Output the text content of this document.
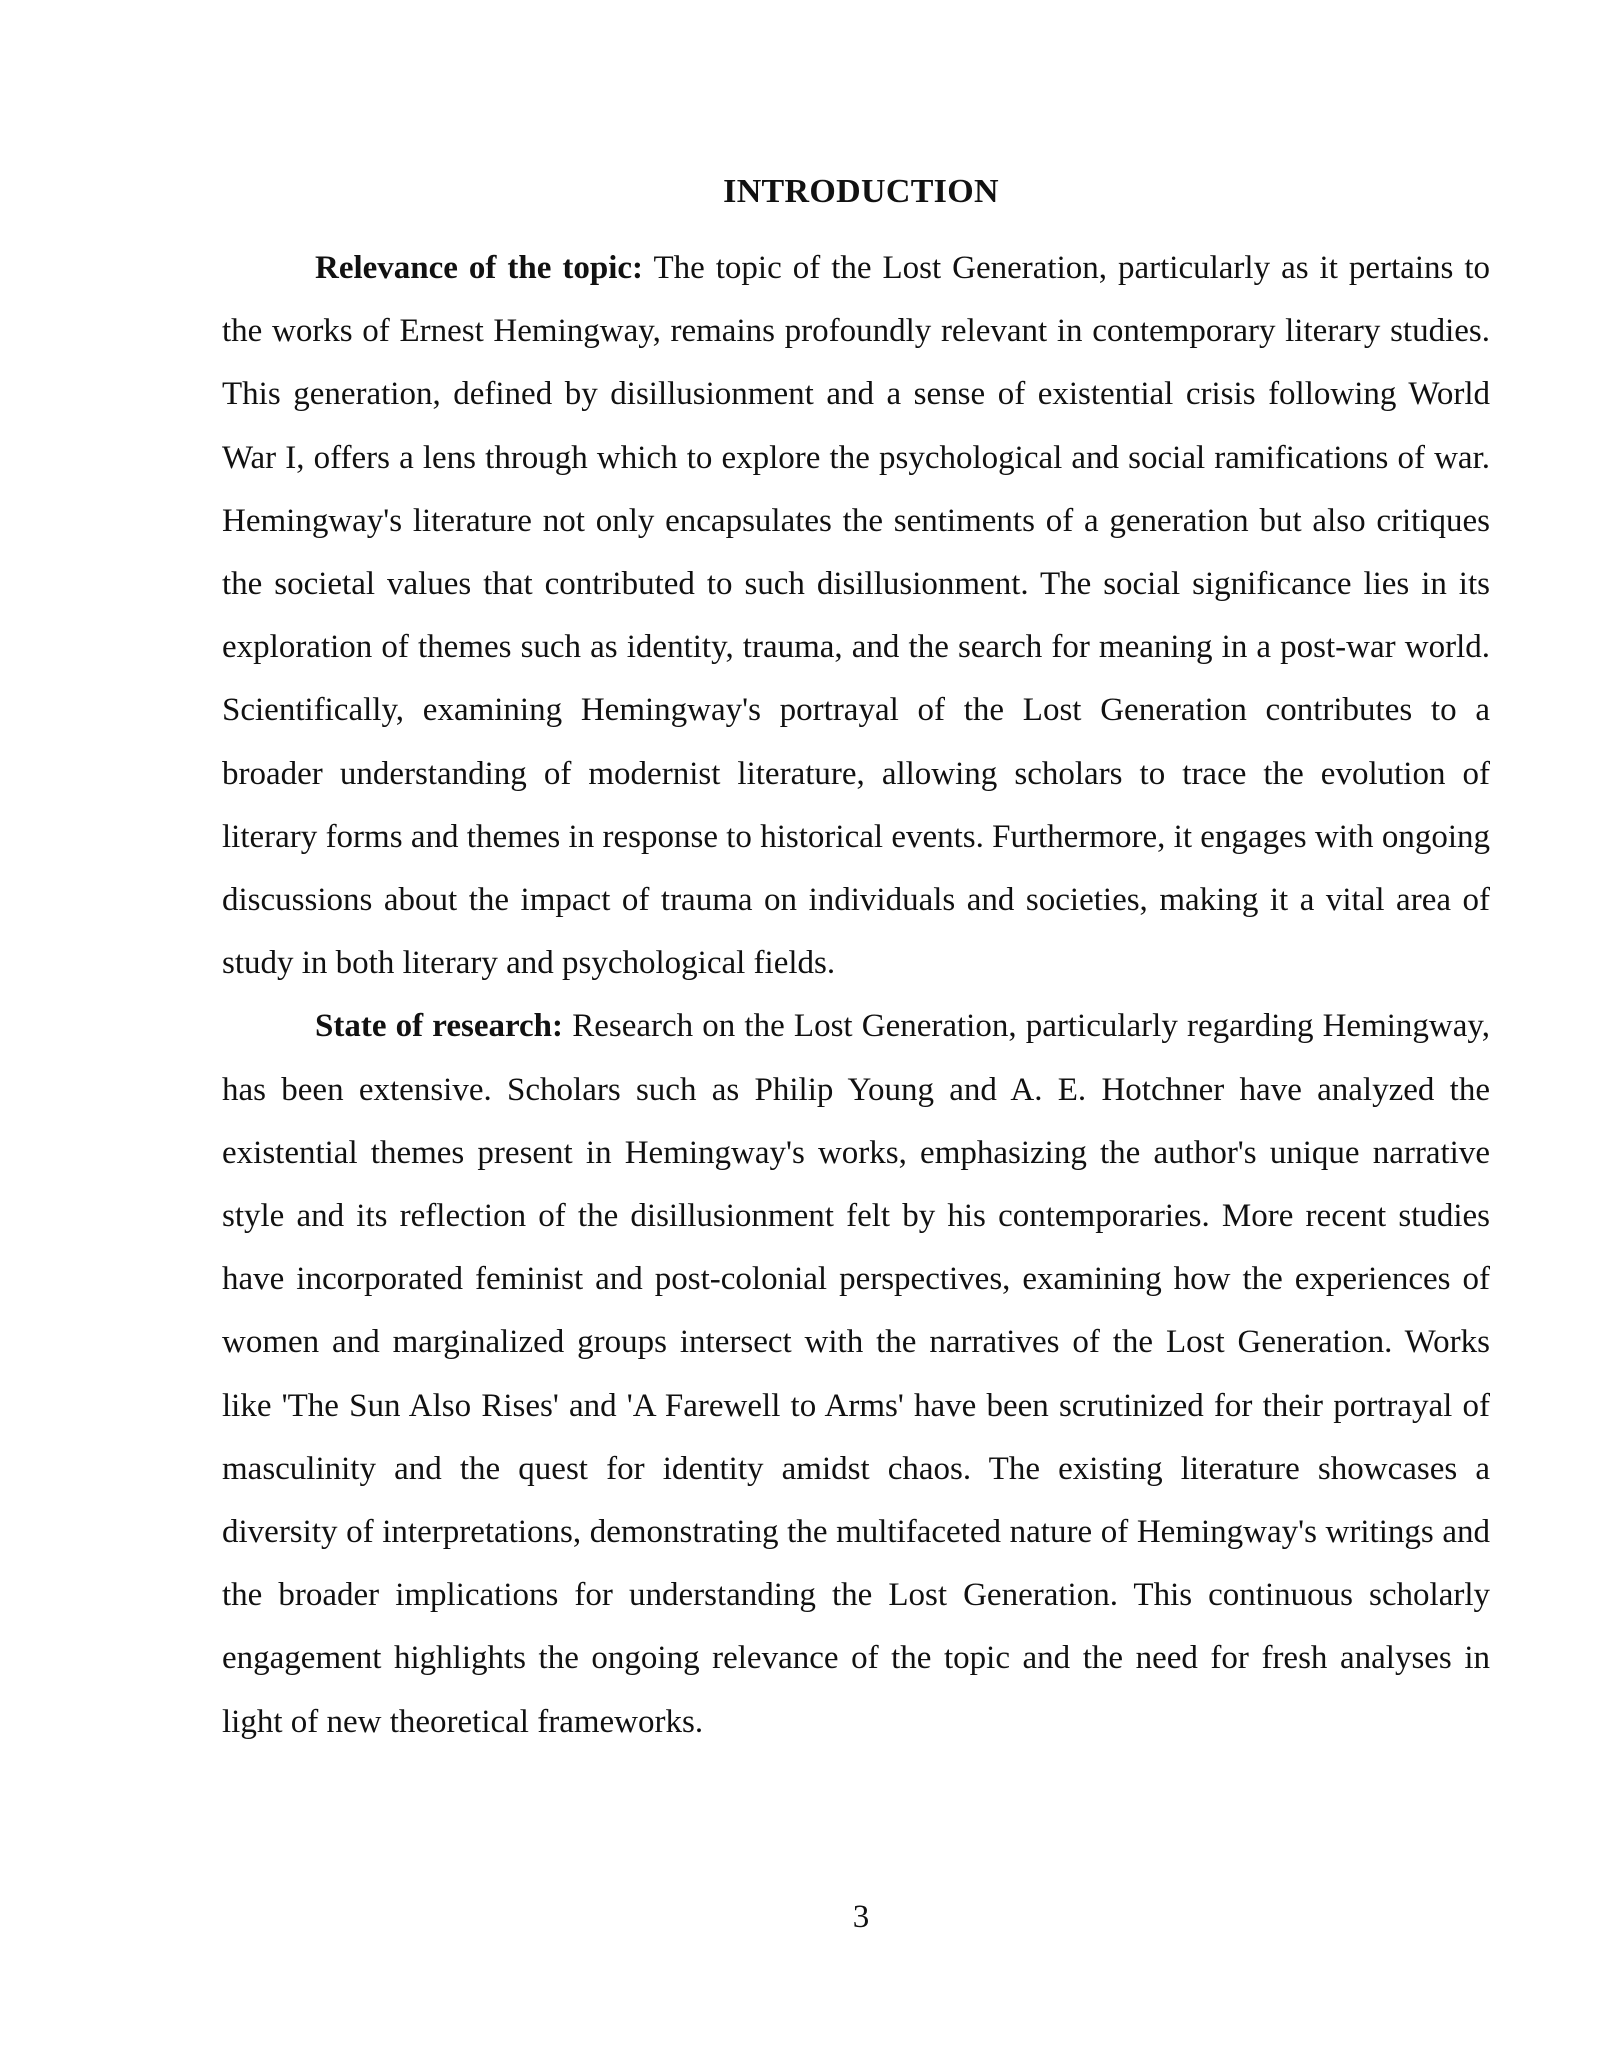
INTRODUCTION

Relevance of the topic: The topic of the Lost Generation, particularly as it pertains to the works of Ernest Hemingway, remains profoundly relevant in contemporary literary studies. This generation, defined by disillusionment and a sense of existential crisis following World War I, offers a lens through which to explore the psychological and social ramifications of war. Hemingway's literature not only encapsulates the sentiments of a generation but also critiques the societal values that contributed to such disillusionment. The social significance lies in its exploration of themes such as identity, trauma, and the search for meaning in a post-war world. Scientifically, examining Hemingway's portrayal of the Lost Generation contributes to a broader understanding of modernist literature, allowing scholars to trace the evolution of literary forms and themes in response to historical events. Furthermore, it engages with ongoing discussions about the impact of trauma on individuals and societies, making it a vital area of study in both literary and psychological fields.

State of research: Research on the Lost Generation, particularly regarding Hemingway, has been extensive. Scholars such as Philip Young and A. E. Hotchner have analyzed the existential themes present in Hemingway's works, emphasizing the author's unique narrative style and its reflection of the disillusionment felt by his contemporaries. More recent studies have incorporated feminist and post-colonial perspectives, examining how the experiences of women and marginalized groups intersect with the narratives of the Lost Generation. Works like 'The Sun Also Rises' and 'A Farewell to Arms' have been scrutinized for their portrayal of masculinity and the quest for identity amidst chaos. The existing literature showcases a diversity of interpretations, demonstrating the multifaceted nature of Hemingway's writings and the broader implications for understanding the Lost Generation. This continuous scholarly engagement highlights the ongoing relevance of the topic and the need for fresh analyses in light of new theoretical frameworks.

3
